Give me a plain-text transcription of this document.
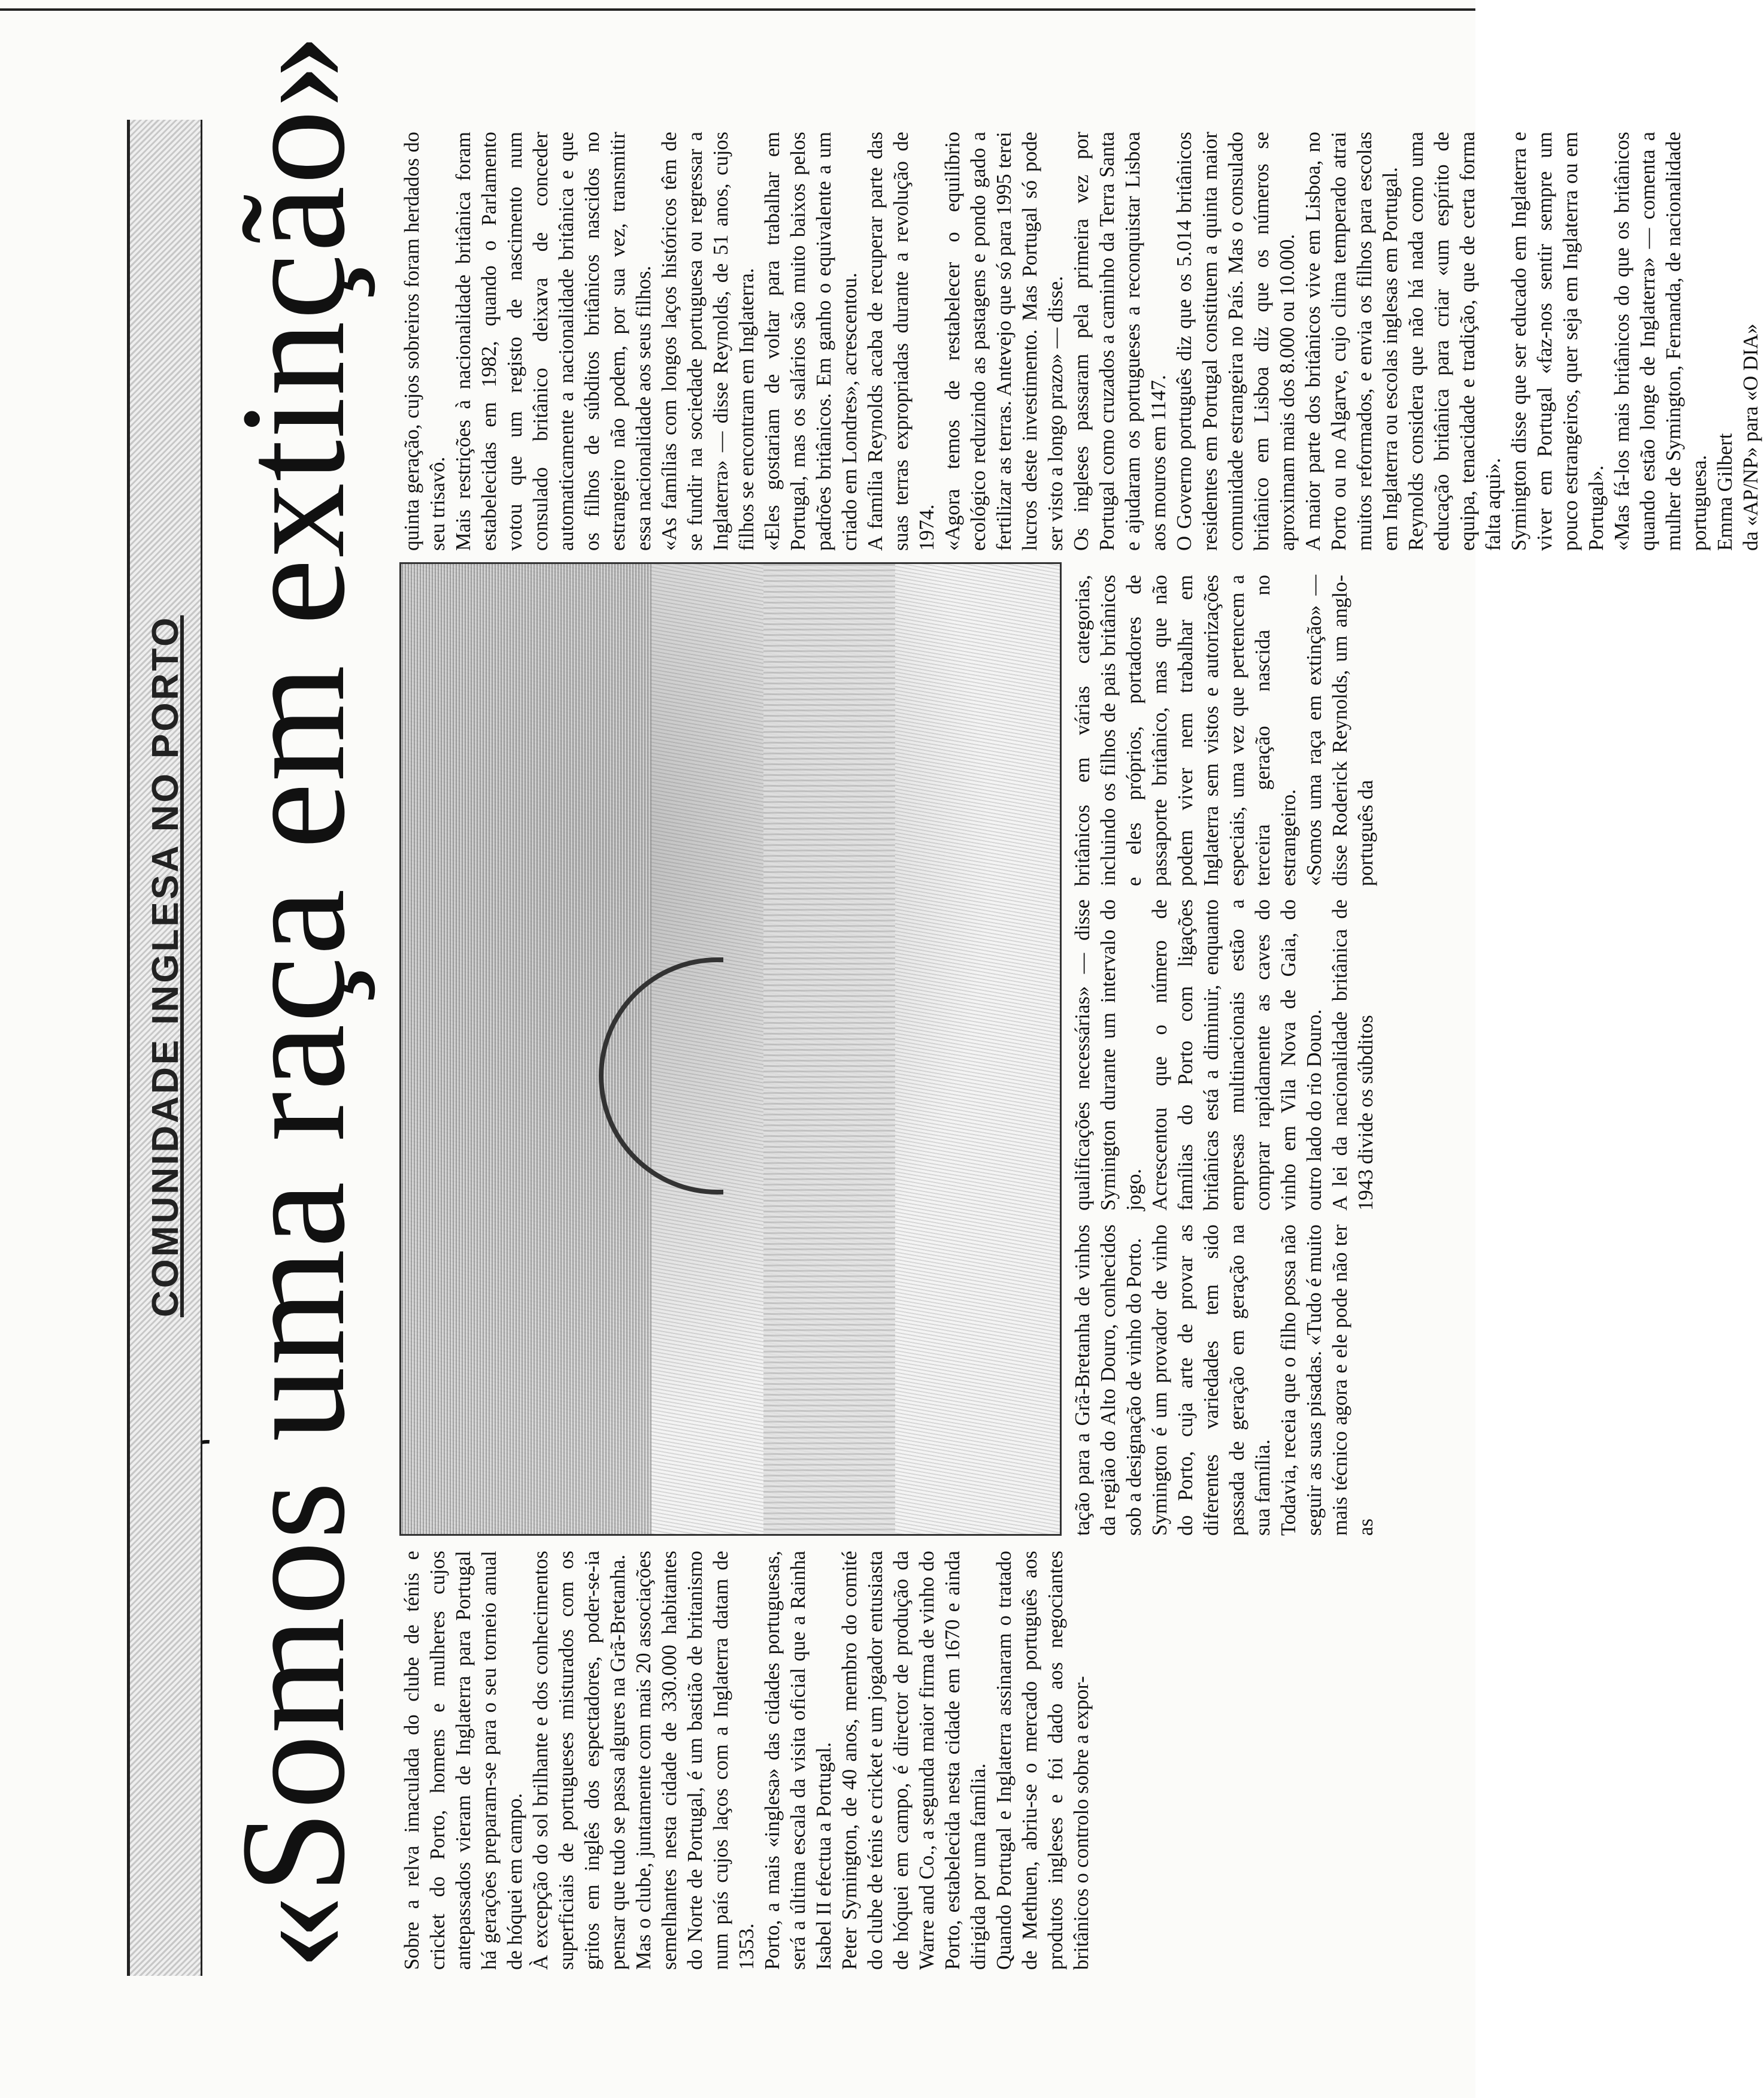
COMUNIDADE INGLESA NO PORTO «Somos uma raça em extinção»	Sobre a relva imaculada do clube de ténis e cricket do Porto, homens e mulheres cujos antepassados vieram de Inglaterra para Portugal há gerações preparam-se para o seu torneio anual de hóquei em campo.
À excepção do sol brilhante e dos conhecimentos superficiais de portugueses misturados com os gritos em inglês dos espectadores, poder-se-ia pensar que tudo se passa algures na Grã-Bretanha.
Mas o clube, juntamente com mais 20 associações semelhantes nesta cidade de 330.000 habitantes do Norte de Portugal, é um bastião de britanismo num país cujos laços com a Inglaterra datam de 1353.
Porto, a mais «inglesa» das cidades portuguesas, será a última escala da visita oficial que a Rainha Isabel II efectua a Portugal.
Peter Symington, de 40 anos, membro do comité do clube de ténis e cricket e um jogador entusiasta de hóquei em campo, é director de produção da Warre and Co., a segunda maior firma de vinho do Porto, estabelecida nesta cidade em 1670 e ainda dirigida por uma família.
Quando Portugal e Inglaterra assinaram o tratado de Methuen, abriu-se o mercado português aos produtos ingleses e foi dado aos negociantes britânicos o controlo sobre a expor-
tação para a Grã-Bretanha de vinhos da região do Alto Douro, conhecidos sob a designação de vinho do Porto.
Symington é um provador de vinho do Porto, cuja arte de provar as diferentes variedades tem sido passada de geração em geração na sua família.
Todavia, receia que o filho possa não seguir as suas pisadas. «Tudo é muito mais técnico agora e ele pode não ter as
qualificações necessárias» — disse Symington durante um intervalo do jogo.
Acrescentou que o número de famílias do Porto com ligações britânicas está a diminuir, enquanto empresas multinacionais estão a comprar rapidamente as caves do vinho em Vila Nova de Gaia, do outro lado do rio Douro.
A lei da nacionalidade britânica de 1943 divide os súbditos
britânicos em várias categorias, incluindo os filhos de pais britânicos e eles próprios, portadores de passaporte britânico, mas que não podem viver nem trabalhar em Inglaterra sem vistos e autorizações especiais, uma vez que pertencem a terceira geração nascida no estrangeiro.
«Somos uma raça em extinção» — disse Roderick Reynolds, um anglo-português da
quinta geração, cujos sobreiros foram herdados do seu trisavô.
Mais restrições à nacionalidade britânica foram estabelecidas em 1982, quando o Parlamento votou que um registo de nascimento num consulado britânico deixava de conceder automaticamente a nacionalidade britânica e que os filhos de súbditos britânicos nascidos no estrangeiro não podem, por sua vez, transmitir essa nacionalidade aos seus filhos.
«As famílias com longos laços históricos têm de se fundir na sociedade portuguesa ou regressar a Inglaterra» — disse Reynolds, de 51 anos, cujos filhos se encontram em Inglaterra.
«Eles gostariam de voltar para trabalhar em Portugal, mas os salários são muito baixos pelos padrões britânicos. Em ganho o equivalente a um criado em Londres», acrescentou.
A família Reynolds acaba de recuperar parte das suas terras expropriadas durante a revolução de 1974.
«Agora temos de restabelecer o equilíbrio ecológico reduzindo as pastagens e pondo gado a fertilizar as terras. Antevejo que só para 1995 terei lucros deste investimento. Mas Portugal só pode ser visto a longo prazo» — disse.
Os ingleses passaram pela primeira vez por Portugal como cruzados a caminho da Terra Santa e ajudaram os portugueses a reconquistar Lisboa aos mouros em 1147.
O Governo português diz que os 5.014 britânicos residentes em Portugal constituem a quinta maior comunidade estrangeira no País. Mas o consulado britânico em Lisboa diz que os números se aproximam mais dos 8.000 ou 10.000.
A maior parte dos britânicos vive em Lisboa, no Porto ou no Algarve, cujo clima temperado atrai muitos reformados, e envia os filhos para escolas em Inglaterra ou escolas inglesas em Portugal.
Reynolds considera que não há nada como uma educação britânica para criar «um espírito de equipa, tenacidade e tradição, que de certa forma falta aqui».
Symington disse que ser educado em Inglaterra e viver em Portugal «faz-nos sentir sempre um pouco estrangeiros, quer seja em Inglaterra ou em Portugal».
«Mas fá-los mais britânicos do que os britânicos quando estão longe de Inglaterra» — comenta a mulher de Symington, Fernanda, de nacionalidade portuguesa. Emma Gilbert da «AP/NP» para «O DIA»
